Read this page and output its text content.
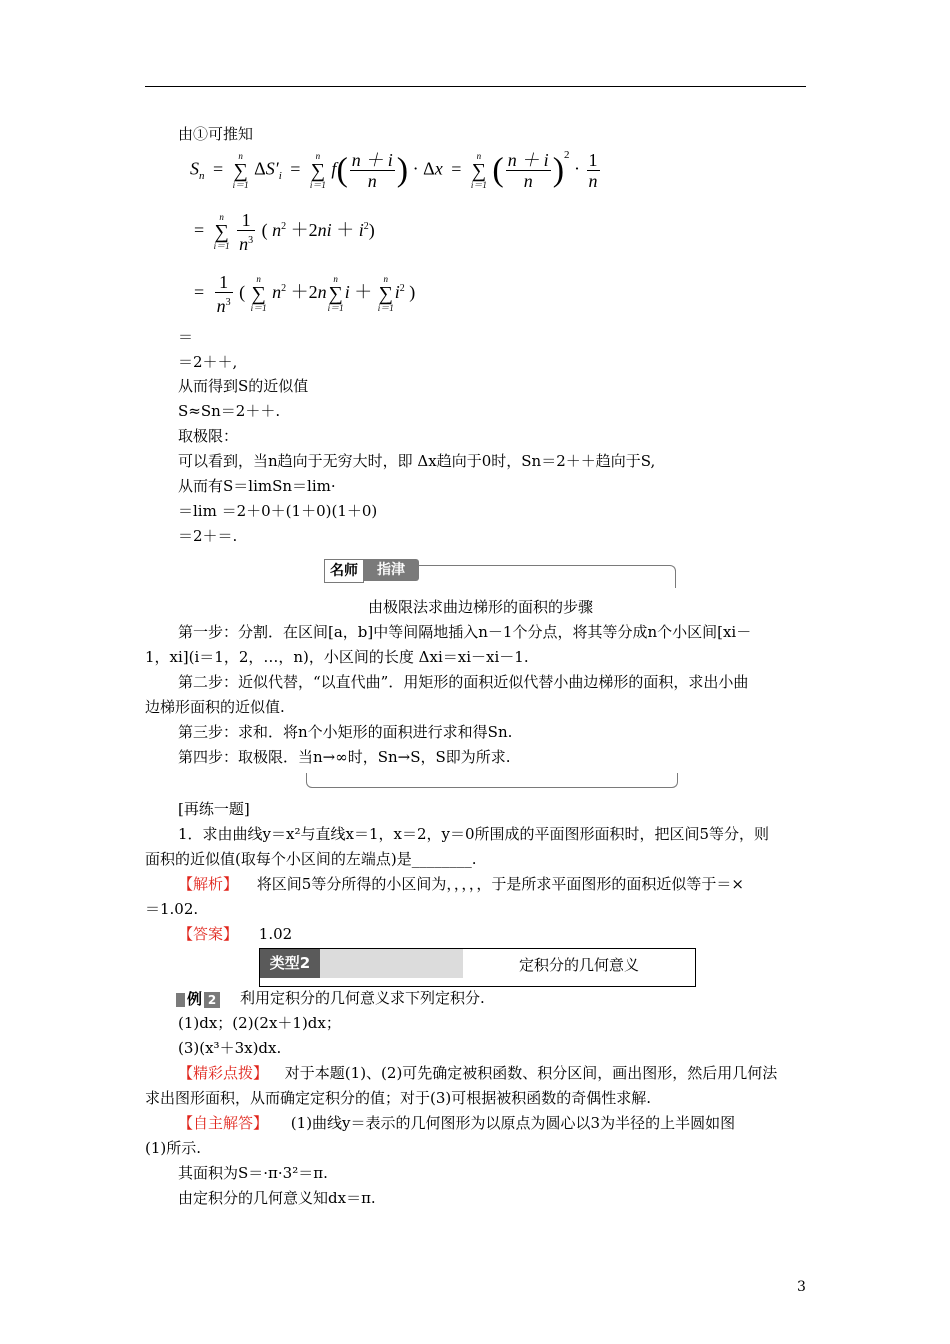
由①可推知
$S_n$ =
n
∑
i＝1
$\Delta S'_i$ =
n
∑
i＝1
$f( \frac{n + i}{n}$ ) · Δx =
n
∑
i＝1 ( $\frac{n + i}{n} )^2 \cdot \frac{1}{n}$
=
n
∑
i＝1
$\frac{1}{n^3}$ ( $n^2 +2ni + i^2$)
= $\frac{1}{n^3}$ (
n
∑
i＝1
$n^2 +2n$
n
∑
i＝1
i ＋
n
∑
i＝1
$i^2$ )
＝
＝2＋＋,
从而得到S的近似值
S≈Sn＝2＋＋.
取极限：
可以看到，当n趋向于无穷大时，即 Δx趋向于0时，Sn＝2＋＋趋向于S,
从而有S＝limSn＝lim·
＝lim ＝2＋0＋(1＋0)(1＋0)
＝2＋＝.
名师	指津
由极限法求曲边梯形的面积的步骤
第一步：分割．在区间[a，b]中等间隔地插入n－1个分点，将其等分成n个小区间[xi－
1，xi](i＝1，2，…，n)，小区间的长度 Δxi＝xi－xi－1.
第二步：近似代替，“以直代曲”．用矩形的面积近似代替小曲边梯形的面积，求出小曲
边梯形面积的近似值.
第三步：求和．将n个小矩形的面积进行求和得Sn.
第四步：取极限．当n→∞时，Sn→S，S即为所求.
[再练一题]
1．求由曲线y＝x²与直线x＝1，x＝2，y＝0所围成的平面图形面积时，把区间5等分，则
面积的近似值(取每个小区间的左端点)是________.
【解析】 将区间5等分所得的小区间为，，，，，于是所求平面图形的面积近似等于＝×
＝1.02.
【答案】 1.02
类型2	定积分的几何意义
例 2 利用定积分的几何意义求下列定积分.
(1)dx；(2)(2x＋1)dx；
(3)(x³＋3x)dx.
【精彩点拨】 对于本题(1)、(2)可先确定被积函数、积分区间，画出图形，然后用几何法
求出图形面积，从而确定定积分的值；对于(3)可根据被积函数的奇偶性求解.
【自主解答】 (1)曲线y＝表示的几何图形为以原点为圆心以3为半径的上半圆如图
(1)所示.
其面积为S＝·π·3²＝π.
由定积分的几何意义知dx＝π.
3
